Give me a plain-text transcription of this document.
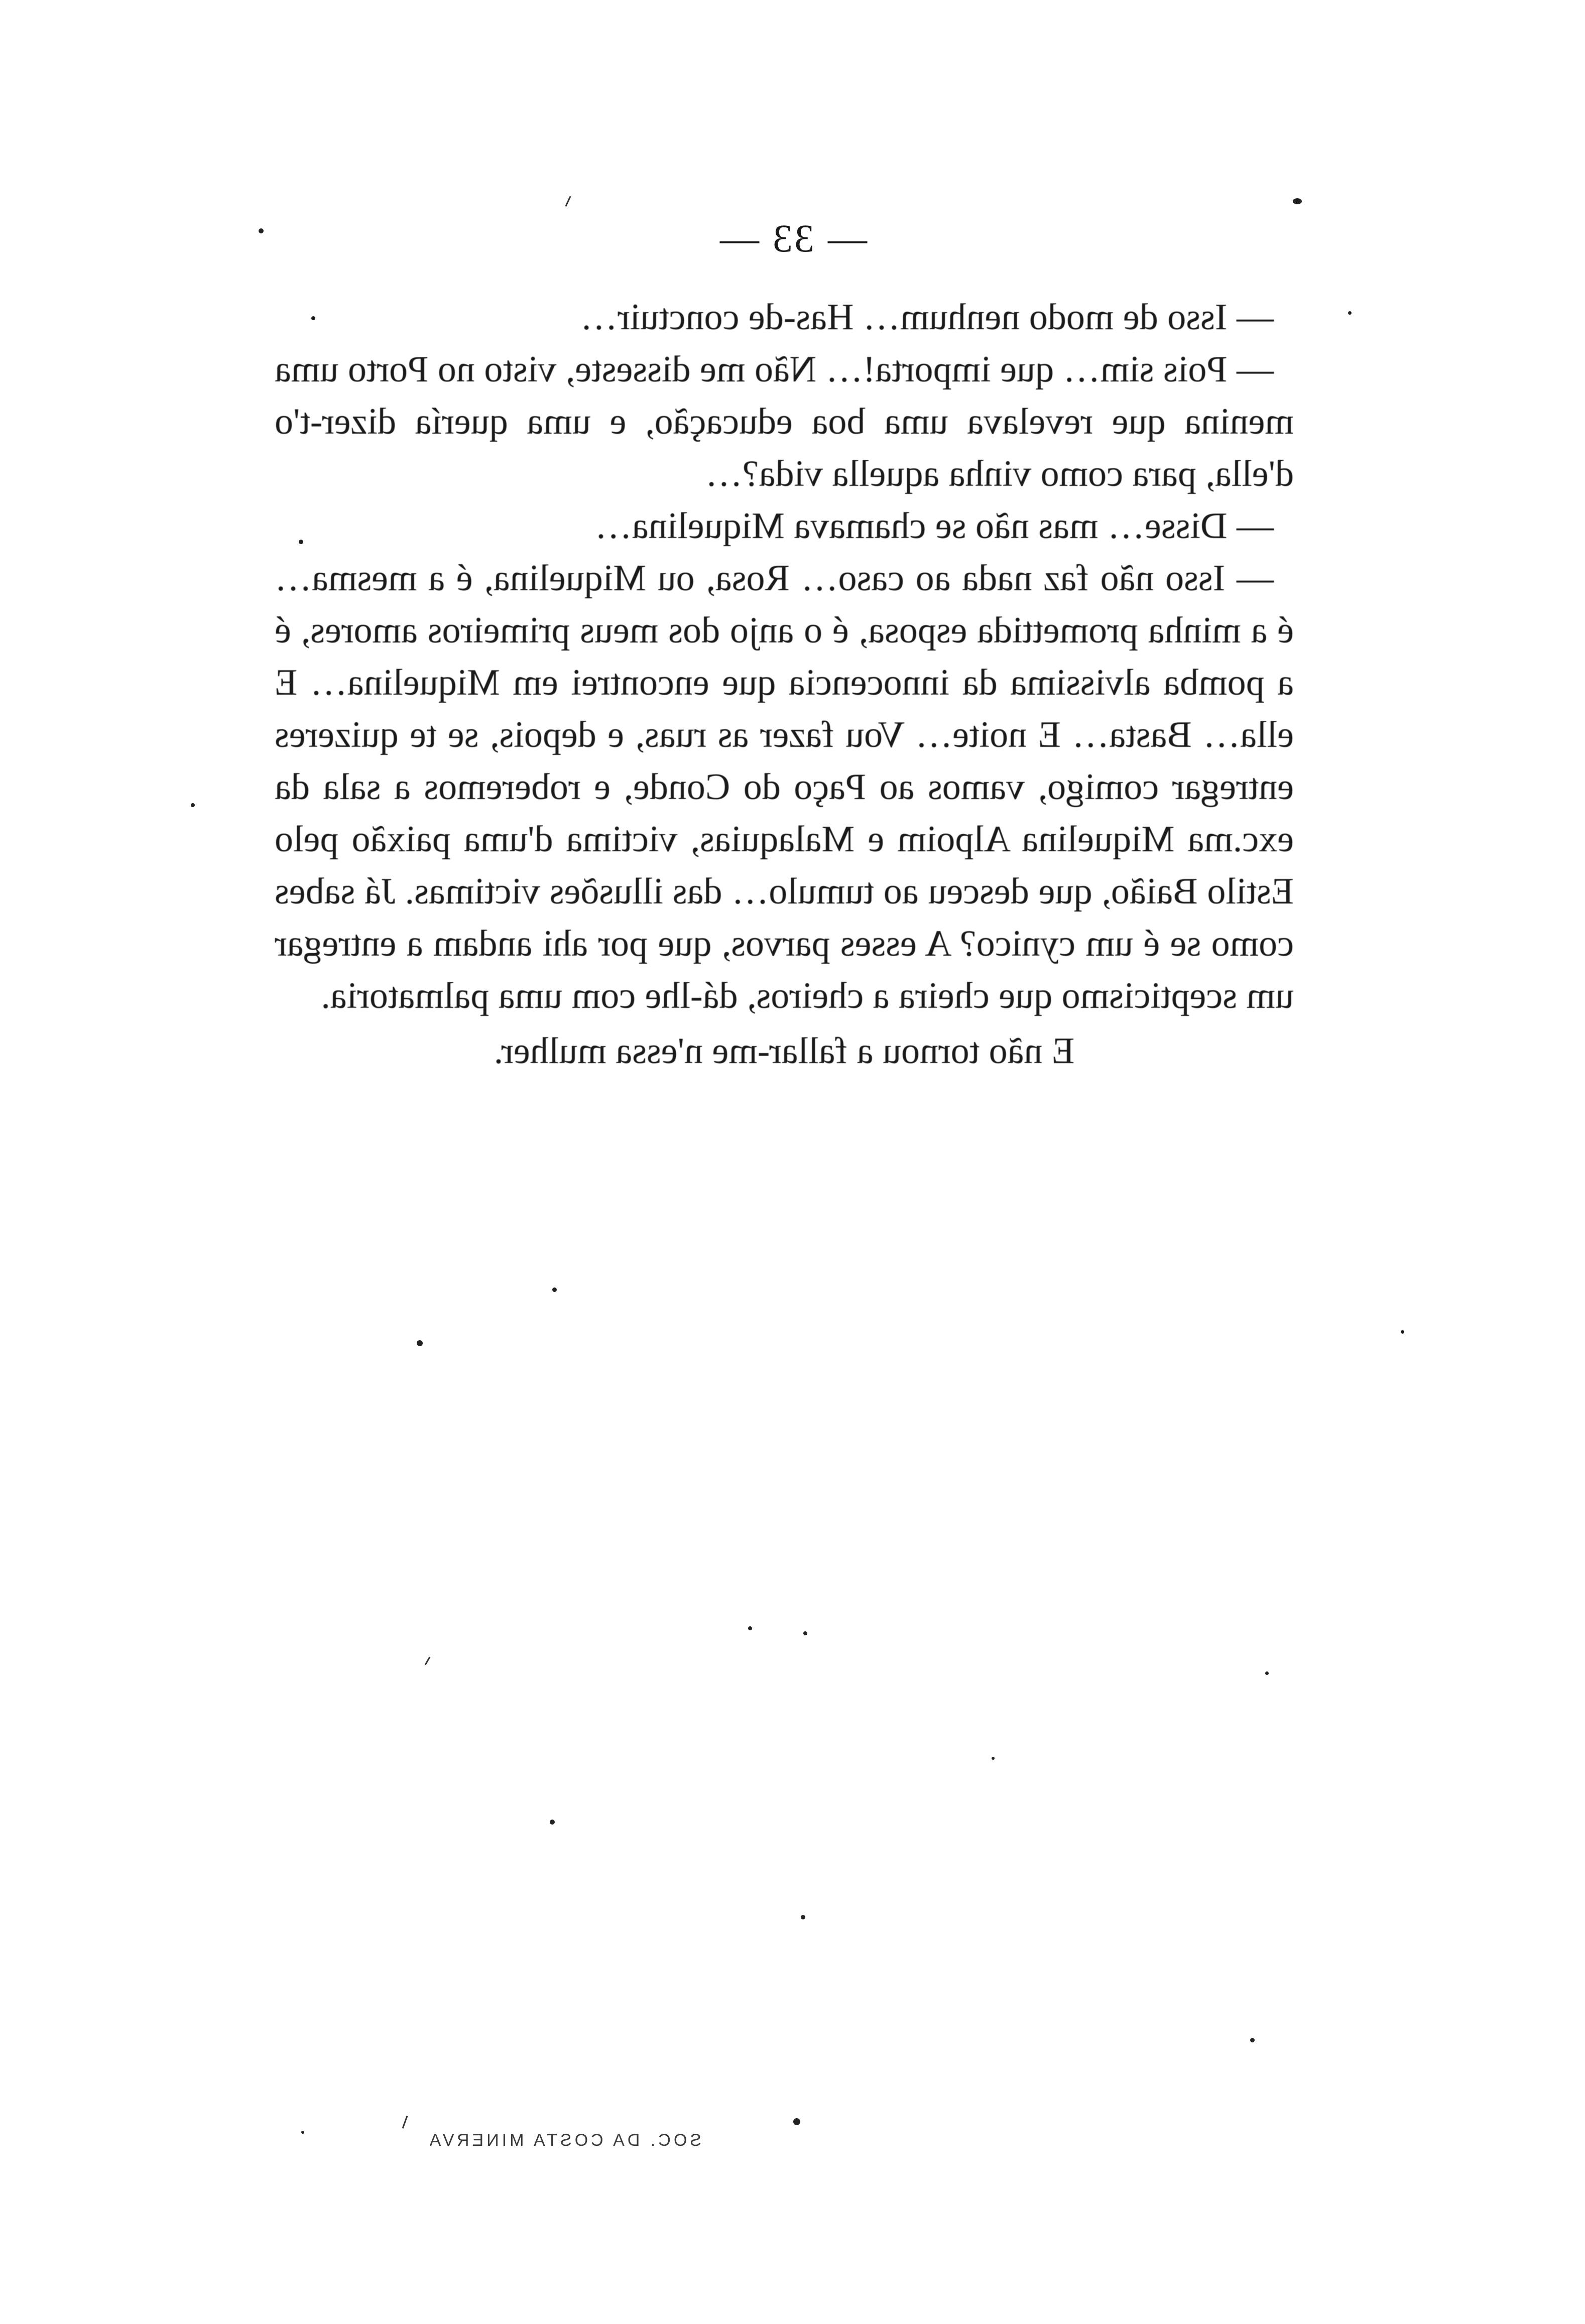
— 33 —

— Isso de modo nenhum… Has-de conctuir…

— Pois sim… que importa!… Não me disseste, visto no Porto uma menina que revelava uma boa educação, e uma quería dizer-t'o d'ella, para como vinha aquella vida?…

— Disse… mas não se chamava Miquelina…

— Isso não faz nada ao caso… Rosa, ou Miquelina, é a mesma… é a minha promettida esposa, é o anjo dos meus primeiros amores, é a pomba alvissima da innocencia que encontrei em Miquelina… E ella… Basta… E noite… Vou fazer as ruas, e depois, se te quizeres entregar comigo, vamos ao Paço do Conde, e roberemos a sala da exc.ma Miquelina Alpoim e Malaquias, victima d'uma paixão pelo Estilo Baião, que desceu ao tumulo… das illusões victimas. Já sabes como se é um cynico? A esses parvos, que por ahi andam a entregar um scepticismo que cheira a cheiros, dá-lhe com uma palmatoria.

E não tornou a fallar-me n'essa mulher.

SOC. DA COSTA MINERVA
